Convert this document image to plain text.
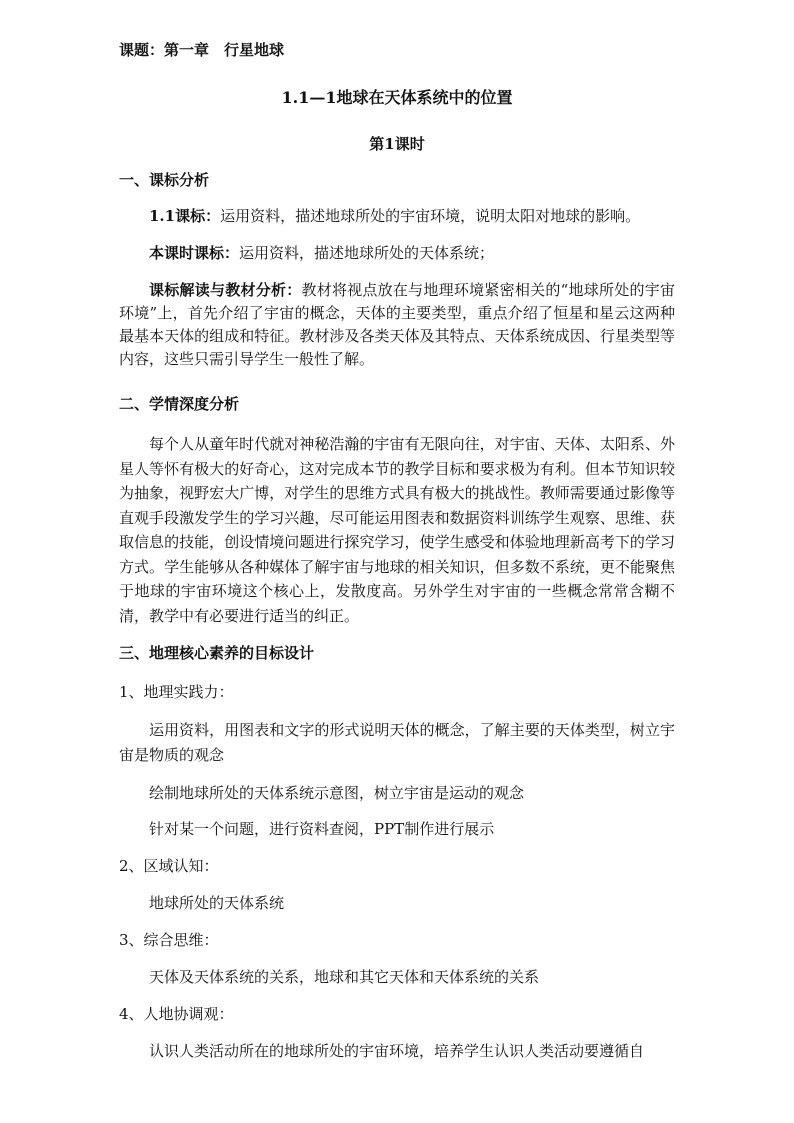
课题：第一章　行星地球
1.1—1地球在天体系统中的位置
第1课时
一、课标分析
1.1课标：运用资料，描述地球所处的宇宙环境，说明太阳对地球的影响。
本课时课标：运用资料，描述地球所处的天体系统；
课标解读与教材分析：教材将视点放在与地理环境紧密相关的“地球所处的宇宙环境”上，首先介绍了宇宙的概念，天体的主要类型，重点介绍了恒星和星云这两种最基本天体的组成和特征。教材涉及各类天体及其特点、天体系统成因、行星类型等内容，这些只需引导学生一般性了解。
二、学情深度分析
每个人从童年时代就对神秘浩瀚的宇宙有无限向往，对宇宙、天体、太阳系、外星人等怀有极大的好奇心，这对完成本节的教学目标和要求极为有利。但本节知识较为抽象，视野宏大广博，对学生的思维方式具有极大的挑战性。教师需要通过影像等直观手段激发学生的学习兴趣，尽可能运用图表和数据资料训练学生观察、思维、获取信息的技能，创设情境问题进行探究学习，使学生感受和体验地理新高考下的学习方式。学生能够从各种媒体了解宇宙与地球的相关知识，但多数不系统，更不能聚焦于地球的宇宙环境这个核心上，发散度高。另外学生对宇宙的一些概念常常含糊不清，教学中有必要进行适当的纠正。
三、地理核心素养的目标设计
1、地理实践力：
运用资料，用图表和文字的形式说明天体的概念，了解主要的天体类型，树立宇宙是物质的观念
绘制地球所处的天体系统示意图，树立宇宙是运动的观念
针对某一个问题，进行资料查阅，PPT制作进行展示
2、区域认知：
地球所处的天体系统
3、综合思维：
天体及天体系统的关系，地球和其它天体和天体系统的关系
4、人地协调观：
认识人类活动所在的地球所处的宇宙环境，培养学生认识人类活动要遵循自
